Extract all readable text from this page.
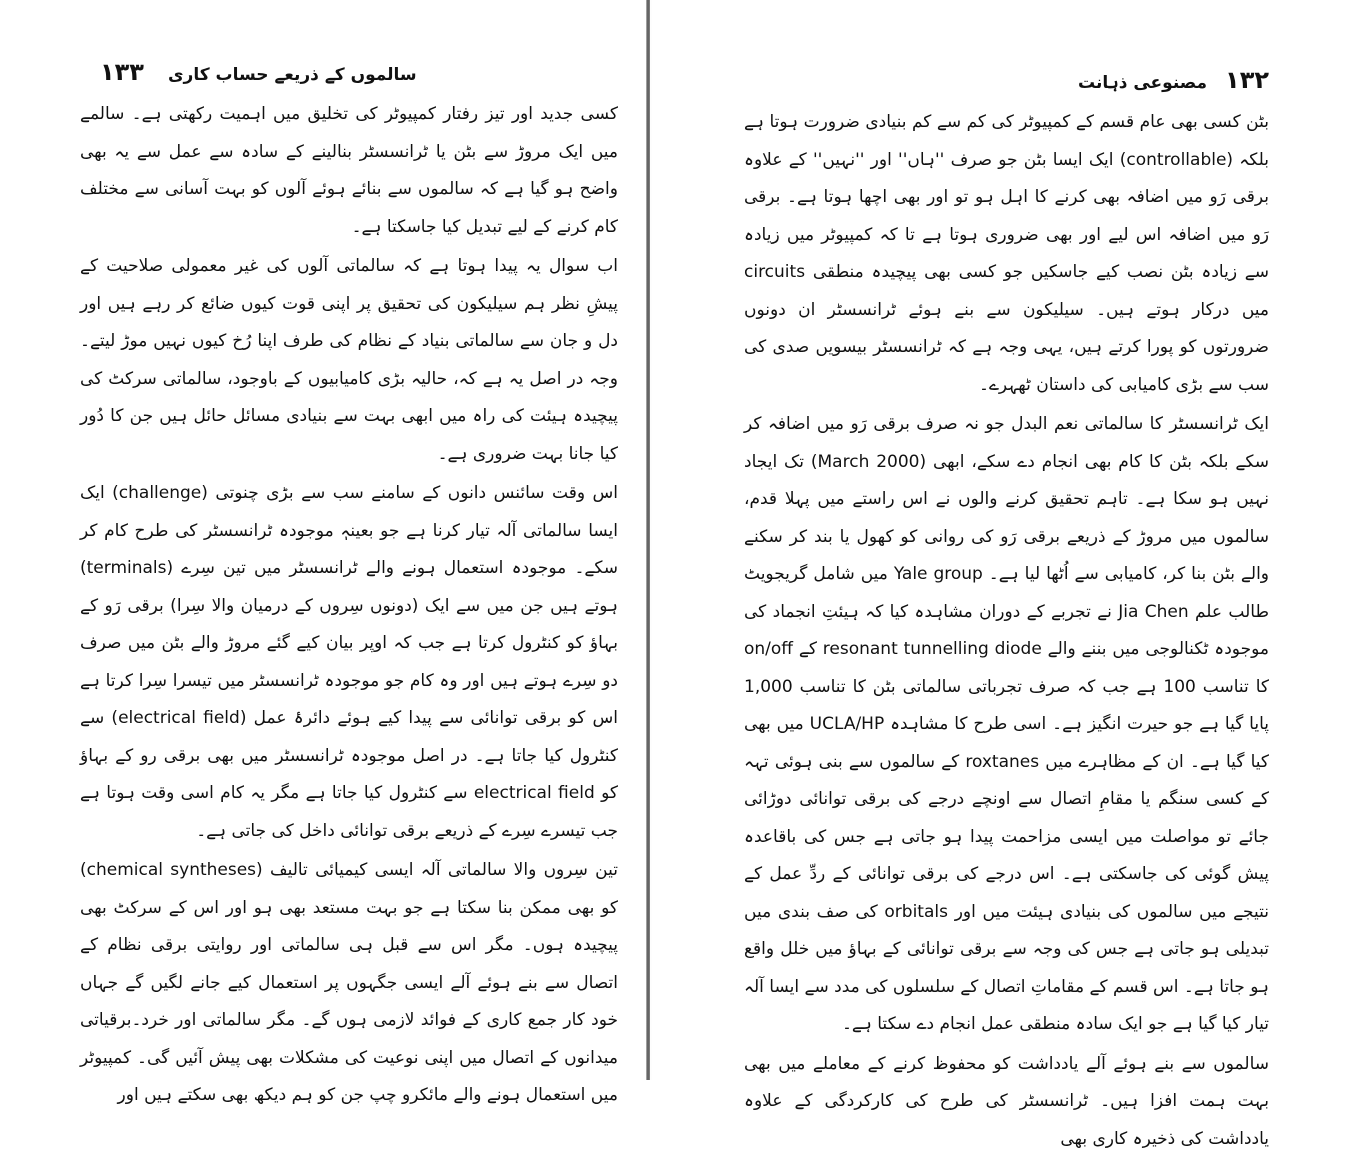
۱۳۳ سالموں کے ذریعے حساب کاری

کسی جدید اور تیز رفتار کمپیوٹر کی تخلیق میں اہمیت رکھتی ہے۔ سالمے میں ایک مروڑ سے بٹن یا ٹرانسسٹر بنالینے کے سادہ سے عمل سے یہ بھی واضح ہو گیا ہے کہ سالموں سے بنائے ہوئے آلوں کو بہت آسانی سے مختلف کام کرنے کے لیے تبدیل کیا جاسکتا ہے۔

اب سوال یہ پیدا ہوتا ہے کہ سالماتی آلوں کی غیر معمولی صلاحیت کے پیشِ نظر ہم سیلیکون کی تحقیق پر اپنی قوت کیوں ضائع کر رہے ہیں اور دل و جان سے سالماتی بنیاد کے نظام کی طرف اپنا رُخ کیوں نہیں موڑ لیتے۔ وجہ در اصل یہ ہے کہ، حالیہ بڑی کامیابیوں کے باوجود، سالماتی سرکٹ کی پیچیدہ ہیئت کی راہ میں ابھی بہت سے بنیادی مسائل حائل ہیں جن کا دُور کیا جانا بہت ضروری ہے۔

اس وقت سائنس دانوں کے سامنے سب سے بڑی چنوتی (challenge) ایک ایسا سالماتی آلہ تیار کرنا ہے جو بعینہٖ موجودہ ٹرانسسٹر کی طرح کام کر سکے۔ موجودہ استعمال ہونے والے ٹرانسسٹر میں تین سِرے (terminals) ہوتے ہیں جن میں سے ایک (دونوں سِروں کے درمیان والا سِرا) برقی رَو کے بہاؤ کو کنٹرول کرتا ہے جب کہ اوپر بیان کیے گئے مروڑ والے بٹن میں صرف دو سِرے ہوتے ہیں اور وہ کام جو موجودہ ٹرانسسٹر میں تیسرا سِرا کرتا ہے اس کو برقی توانائی سے پیدا کیے ہوئے دائرۂ عمل (electrical field) سے کنٹرول کیا جاتا ہے۔ در اصل موجودہ ٹرانسسٹر میں بھی برقی رو کے بہاؤ کو electrical field سے کنٹرول کیا جاتا ہے مگر یہ کام اسی وقت ہوتا ہے جب تیسرے سِرے کے ذریعے برقی توانائی داخل کی جاتی ہے۔

تین سِروں والا سالماتی آلہ ایسی کیمیائی تالیف (chemical syntheses) کو بھی ممکن بنا سکتا ہے جو بہت مستعد بھی ہو اور اس کے سرکٹ بھی پیچیدہ ہوں۔ مگر اس سے قبل ہی سالماتی اور روایتی برقی نظام کے اتصال سے بنے ہوئے آلے ایسی جگہوں پر استعمال کیے جانے لگیں گے جہاں خود کار جمع کاری کے فوائد لازمی ہوں گے۔ مگر سالماتی اور خرد۔برقیاتی میدانوں کے اتصال میں اپنی نوعیت کی مشکلات بھی پیش آئیں گی۔ کمپیوٹر میں استعمال ہونے والے مائکرو چپ جن کو ہم دیکھ بھی سکتے ہیں اور

مصنوعی ذہانت ۱۳۲

بٹن کسی بھی عام قسم کے کمپیوٹر کی کم سے کم بنیادی ضرورت ہوتا ہے بلکہ (controllable) ایک ایسا بٹن جو صرف ''ہاں'' اور ''نہیں'' کے علاوہ برقی رَو میں اضافہ بھی کرنے کا اہل ہو تو اور بھی اچھا ہوتا ہے۔ برقی رَو میں اضافہ اس لیے اور بھی ضروری ہوتا ہے تا کہ کمپیوٹر میں زیادہ سے زیادہ بٹن نصب کیے جاسکیں جو کسی بھی پیچیدہ منطقی circuits میں درکار ہوتے ہیں۔ سیلیکون سے بنے ہوئے ٹرانسسٹر ان دونوں ضرورتوں کو پورا کرتے ہیں، یہی وجہ ہے کہ ٹرانسسٹر بیسویں صدی کی سب سے بڑی کامیابی کی داستان ٹھہرے۔

ایک ٹرانسسٹر کا سالماتی نعم البدل جو نہ صرف برقی رَو میں اضافہ کر سکے بلکہ بٹن کا کام بھی انجام دے سکے، ابھی (March 2000) تک ایجاد نہیں ہو سکا ہے۔ تاہم تحقیق کرنے والوں نے اس راستے میں پہلا قدم، سالموں میں مروڑ کے ذریعے برقی رَو کی روانی کو کھول یا بند کر سکنے والے بٹن بنا کر، کامیابی سے اُٹھا لیا ہے۔ Yale group میں شامل گریجویٹ طالب علم Jia Chen نے تجربے کے دوران مشاہدہ کیا کہ ہیئتِ انجماد کی موجودہ ٹکنالوجی میں بننے والے resonant tunnelling diode کے on/off کا تناسب 100 ہے جب کہ صرف تجرباتی سالماتی بٹن کا تناسب 1,000 پایا گیا ہے جو حیرت انگیز ہے۔ اسی طرح کا مشاہدہ UCLA/HP میں بھی کیا گیا ہے۔ ان کے مظاہرے میں roxtanes کے سالموں سے بنی ہوئی تہہ کے کسی سنگم یا مقامِ اتصال سے اونچے درجے کی برقی توانائی دوڑائی جائے تو مواصلت میں ایسی مزاحمت پیدا ہو جاتی ہے جس کی باقاعدہ پیش گوئی کی جاسکتی ہے۔ اس درجے کی برقی توانائی کے ردِّ عمل کے نتیجے میں سالموں کی بنیادی ہیئت میں اور orbitals کی صف بندی میں تبدیلی ہو جاتی ہے جس کی وجہ سے برقی توانائی کے بہاؤ میں خلل واقع ہو جاتا ہے۔ اس قسم کے مقاماتِ اتصال کے سلسلوں کی مدد سے ایسا آلہ تیار کیا گیا ہے جو ایک سادہ منطقی عمل انجام دے سکتا ہے۔

سالموں سے بنے ہوئے آلے یادداشت کو محفوظ کرنے کے معاملے میں بھی بہت ہمت افزا ہیں۔ ٹرانسسٹر کی طرح کی کارکردگی کے علاوہ یادداشت کی ذخیرہ کاری بھی
